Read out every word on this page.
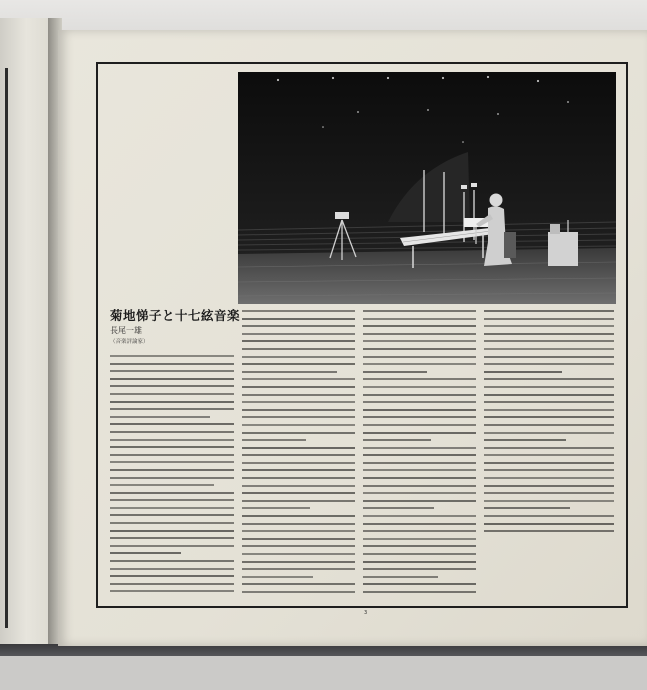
菊地悌子と十七絃音楽
長尾一雄
（音楽評論家）
3
